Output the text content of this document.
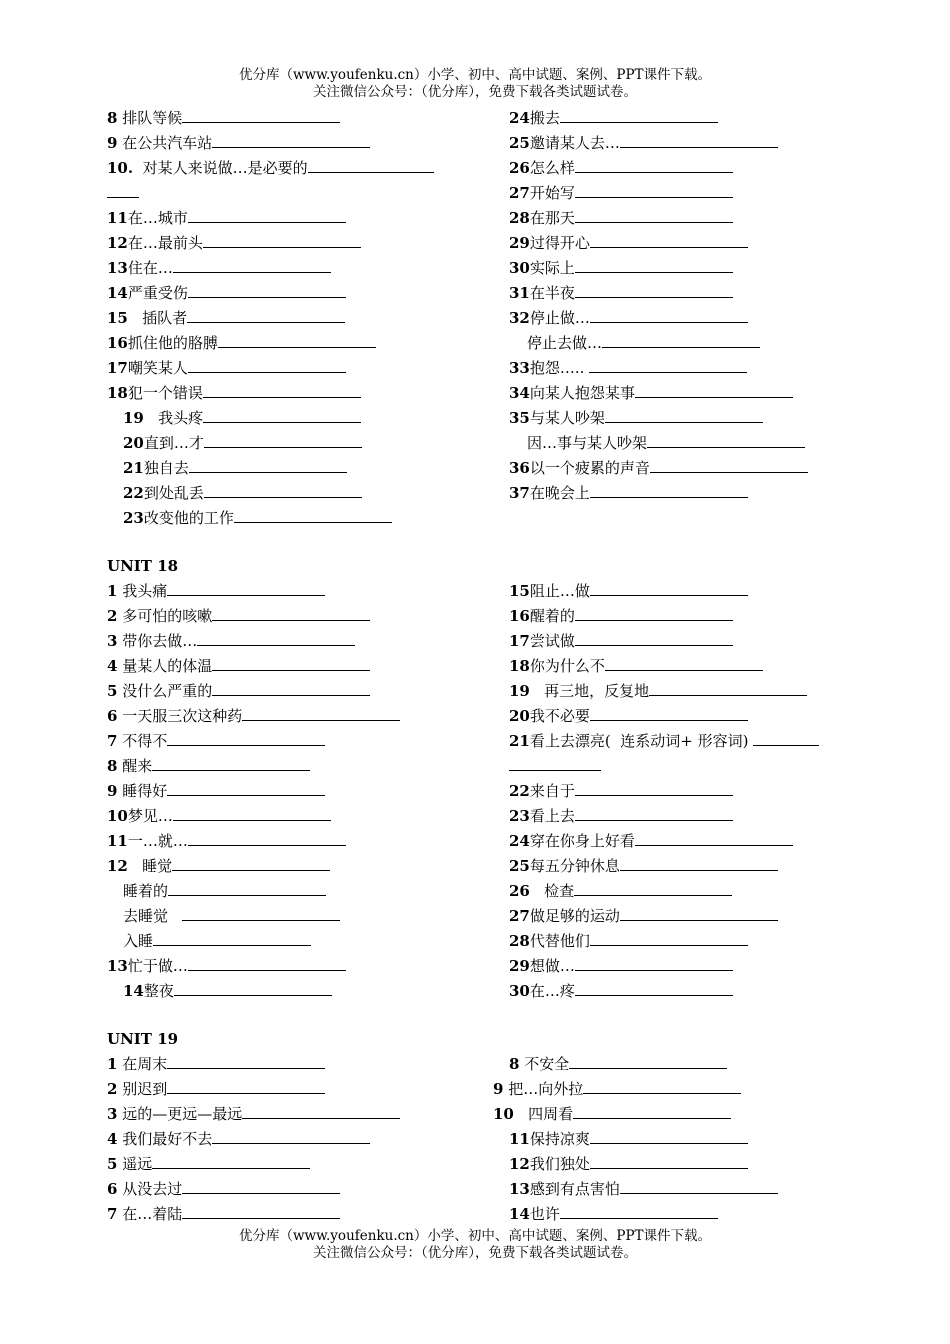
优分库（www.youfenku.cn）小学、初中、高中试题、案例、PPT课件下载。
关注微信公众号：（优分库），免费下载各类试题试卷。
8 排队等候
9 在公共汽车站
10.  对某人来说做…是必要的
11在…城市
12在…最前头
13住在…
14严重受伤
15   插队者
16抓住他的胳膊
17嘲笑某人
18犯一个错误
19   我头疼
20直到…才
21独自去
22到处乱丢
23改变他的工作
24搬去
25邀请某人去…
26怎么样
27开始写
28在那天
29过得开心
30实际上
31在半夜
32停止做…
停止去做…
33抱怨…..
34向某人抱怨某事
35与某人吵架
因…事与某人吵架
36以一个疲累的声音
37在晚会上
UNIT 18
1 我头痛
2 多可怕的咳嗽
3 带你去做…
4 量某人的体温
5 没什么严重的
6 一天服三次这种药
7 不得不
8 醒来
9 睡得好
10梦见…
11一…就…
12   睡觉
睡着的
去睡觉
入睡
13忙于做…
14整夜
15阻止…做
16醒着的
17尝试做
18你为什么不
19   再三地，反复地
20我不必要
21看上去漂亮(  连系动词+ 形容词)
22来自于
23看上去
24穿在你身上好看
25每五分钟休息
26   检查
27做足够的运动
28代替他们
29想做…
30在…疼
UNIT 19
1 在周末
2 别迟到
3 远的—更远—最远
4 我们最好不去
5 遥远
6 从没去过
7 在…着陆
8 不安全
9 把…向外拉
10   四周看
11保持凉爽
12我们独处
13感到有点害怕
14也许
优分库（www.youfenku.cn）小学、初中、高中试题、案例、PPT课件下载。
关注微信公众号：（优分库），免费下载各类试题试卷。
